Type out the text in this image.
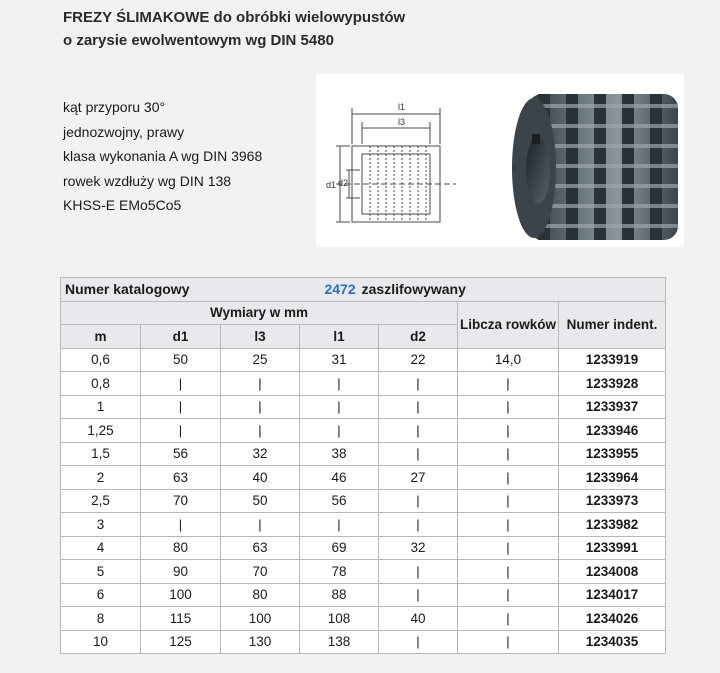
FREZY ŚLIMAKOWE do obróbki wielowypustów
o zarysie ewolwentowym wg DIN 5480
kąt przyporu 30°
jednozwojny, prawy
klasa wykonania A wg DIN 3968
rowek wzdłuży wg DIN 138
KHSS-E EMo5Co5
l1
l3
d1 d2
Numer katalogowy 2472 zaszlifowywany						
Wymiary w mm					Libcza rowków	Numer indent.
m	d1	l3	l1	d2		
0,6	50	25	31	22	14,0	1233919
0,8	|	|	|	|	|	1233928
1	|	|	|	|	|	1233937
1,25	|	|	|	|	|	1233946
1,5	56	32	38	|	|	1233955
2	63	40	46	27	|	1233964
2,5	70	50	56	|	|	1233973
3	|	|	|	|	|	1233982
4	80	63	69	32	|	1233991
5	90	70	78	|	|	1234008
6	100	80	88	|	|	1234017
8	115	100	108	40	|	1234026
10	125	130	138	|	|	1234035
